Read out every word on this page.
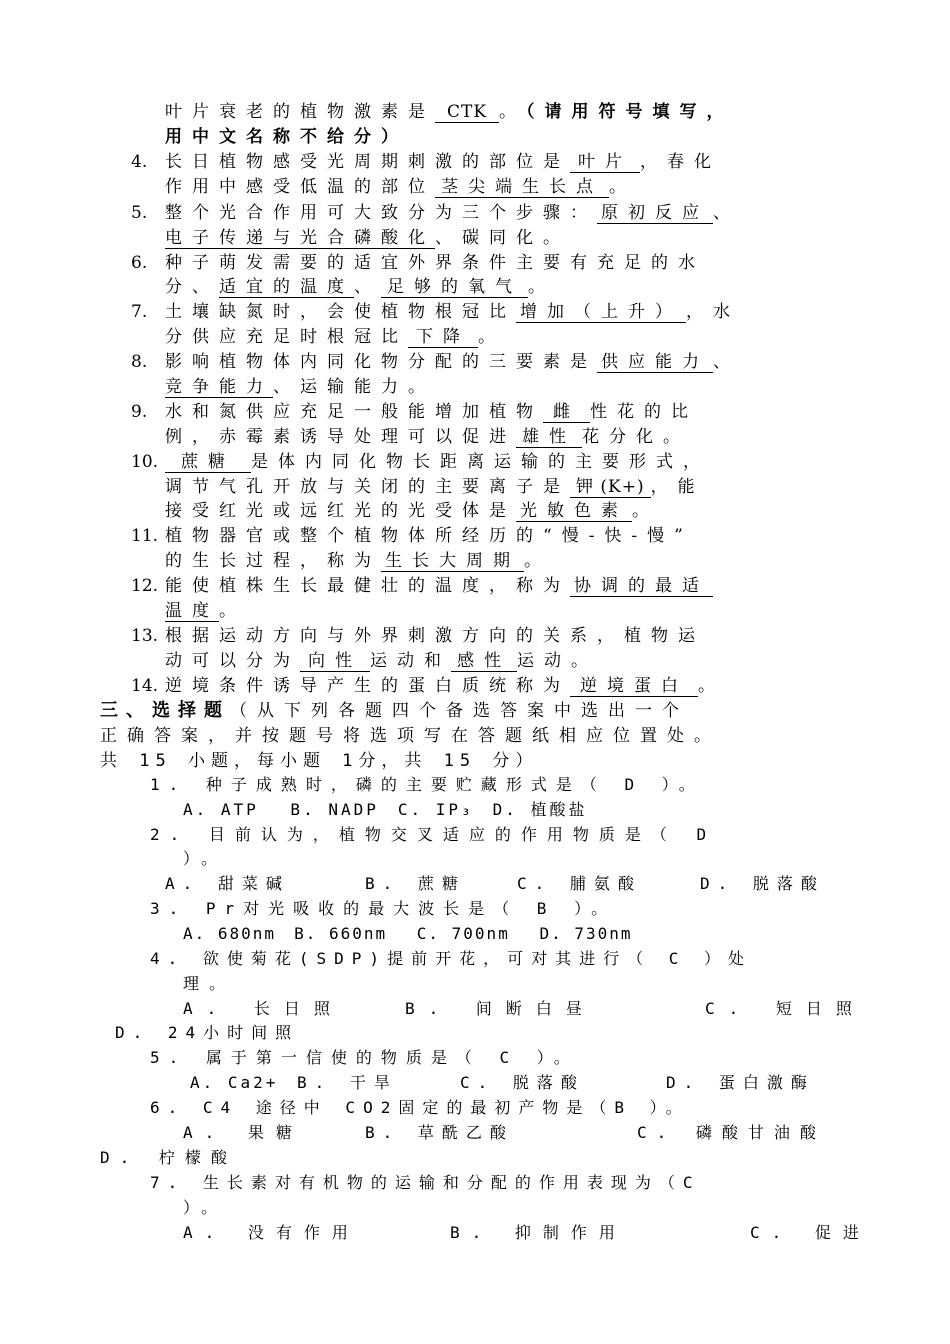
叶片衰老的植物激素是 CTK 。（请用符号填写，
用中文名称不给分）
4. 长日植物感受光周期刺激的部位是 叶片 ，春化
作用中感受低温的部位 茎尖端生长点 。
5. 整个光合作用可大致分为三个步骤： 原初反应 、
电子传递与光合磷酸化、碳同化。
6. 种子萌发需要的适宜外界条件主要有充足的水
分、适宜的温度、 足够的氧气 。
7. 土壤缺氮时，会使植物根冠比 增加（上升） ，水
分供应充足时根冠比 下降 。
8. 影响植物体内同化物分配的三要素是 供应能力 、
竞争能力、运输能力。
9. 水和氮供应充足一般能增加植物 雌 性花的比
例，赤霉素诱导处理可以促进 雄性 花分化。
10.	蔗糖 是体内同化物长距离运输的主要形式，
调节气孔开放与关闭的主要离子是 钾 (K+) ，能
接受红光或远红光的光受体是 光敏色素 。
11. 植物器官或整个植物体所经历的“慢-快-慢”
的生长过程，称为 生长大周期 。
12. 能使植株生长最健壮的温度，称为 协调的最适
温度。
13. 根据运动方向与外界刺激方向的关系，植物运
动可以分为 向性 运动和 感性 运动。
14. 逆境条件诱导产生的蛋白质统称为 逆境蛋白 。
三、选择题（从下列各题四个备选答案中选出一个
正确答案，并按题号将选项写在答题纸相应位置处。
共 15 小题，每小题 1分，共 15 分）
1. 种子成熟时，磷的主要贮藏形式是（ D ）。
A. ATP　 B. NADP　C. IP₃　D. 植酸盐
2. 目前认为，植物交叉适应的作用物质是（ D
）。
A. 甜菜碱	B. 蔗糖	C. 脯氨酸	D. 脱落酸
3. Pr对光吸收的最大波长是（ B ）。
A. 680nm　B. 660nm　 C. 700nm　 D. 730nm
4. 欲使菊花(SDP)提前开花，可对其进行（ C ）处
理。
A. 长日照	B. 间断白昼	C. 短日照
D. 24小时间照
5. 属于第一信使的物质是（ C ）。
A. Ca2+ B. 干旱	C. 脱落酸	D. 蛋白激酶
6. C4 途径中 CO2固定的最初产物是（B ）。
A. 果糖	B. 草酰乙酸	C. 磷酸甘油酸
D. 柠檬酸
7. 生长素对有机物的运输和分配的作用表现为（C
）。
A. 没有作用	B. 抑制作用	C. 促进
